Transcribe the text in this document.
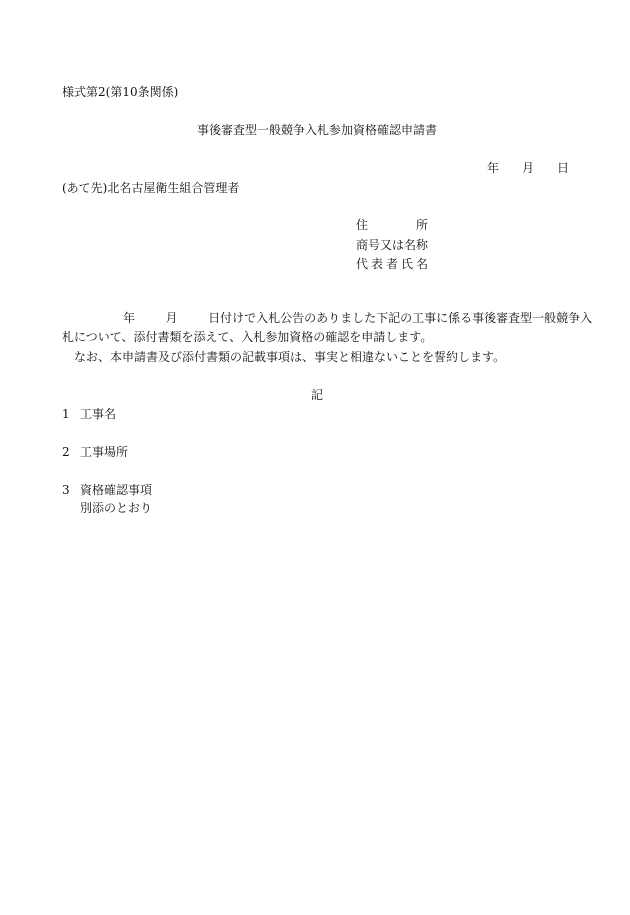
様式第2(第10条関係)
事後審査型一般競争入札参加資格確認申請書
年 月 日
(あて先)北名古屋衛生組合管理者
住	所
商号又は名称
代 表 者 氏 名
年        月        日付けで入札公告のありました下記の工事に係る事後審査型一般競争入
札について、添付書類を添えて、入札参加資格の確認を申請します。
　なお、本申請書及び添付書類の記載事項は、事実と相違ないことを誓約します。
記
1 工事名
2 工事場所
3 資格確認事項
別添のとおり
